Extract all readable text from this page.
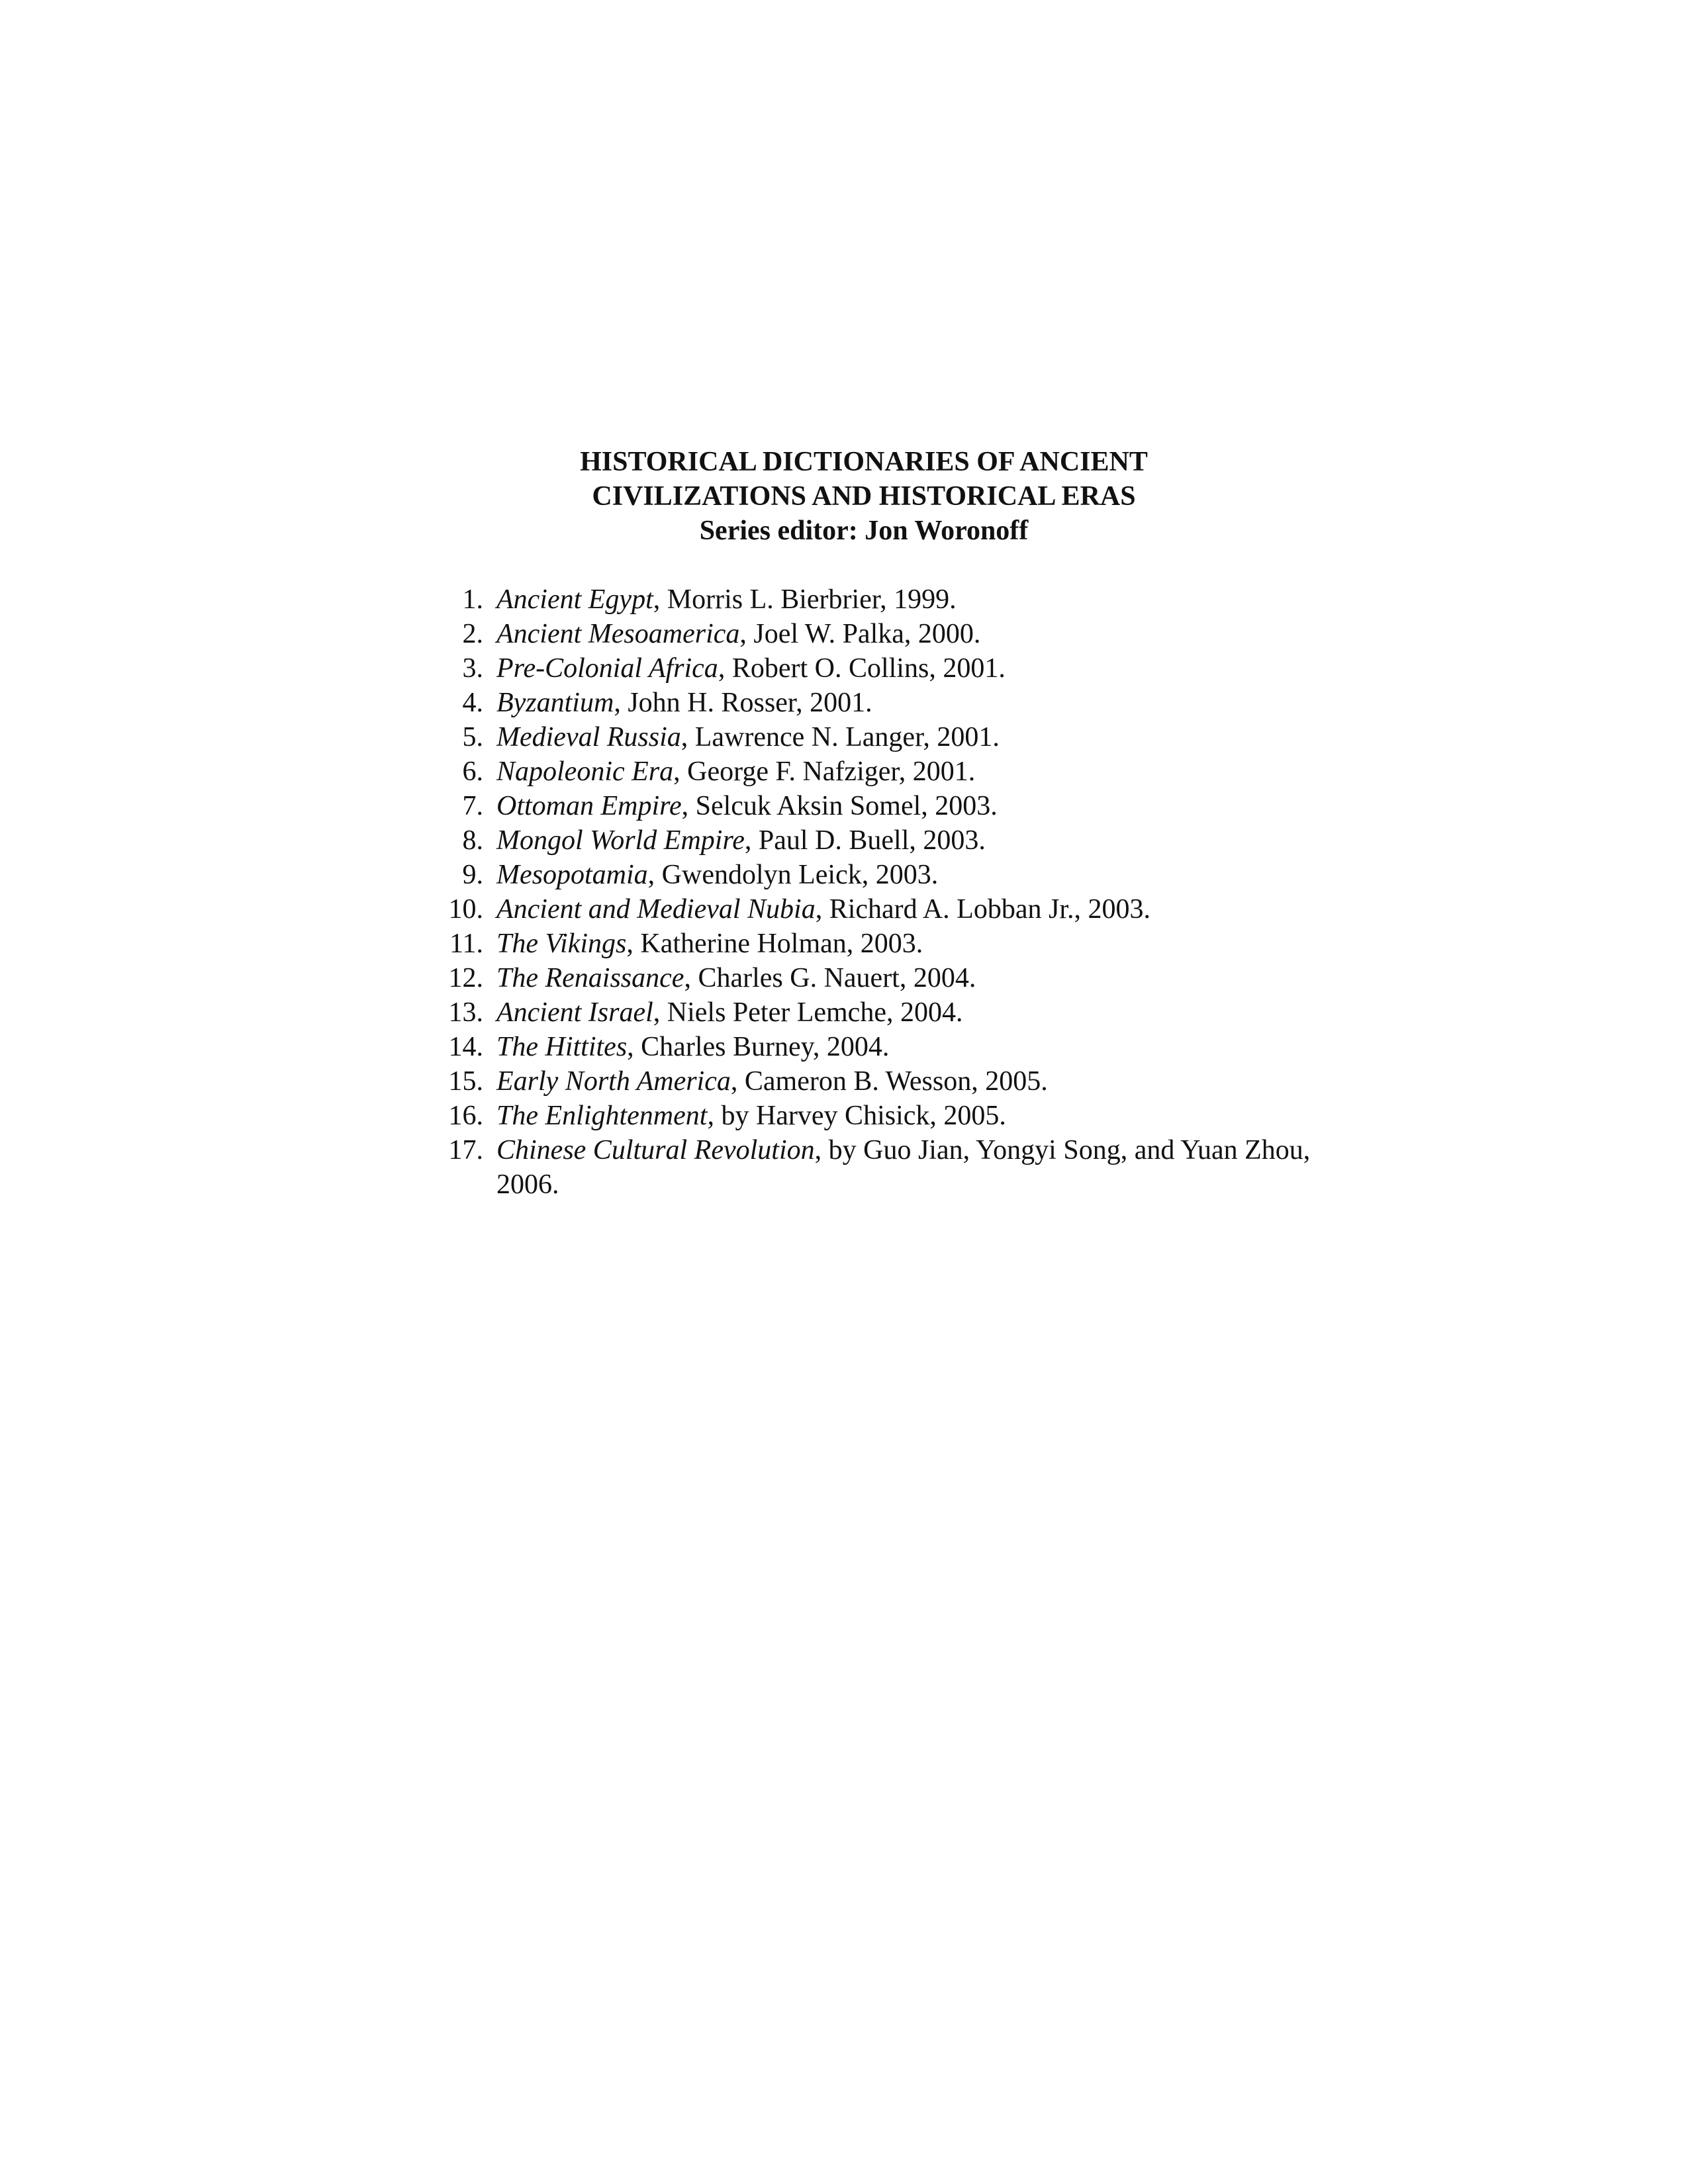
HISTORICAL DICTIONARIES OF ANCIENT
CIVILIZATIONS AND HISTORICAL ERAS
Series editor: Jon Woronoff
1. Ancient Egypt, Morris L. Bierbrier, 1999.
2. Ancient Mesoamerica, Joel W. Palka, 2000.
3. Pre-Colonial Africa, Robert O. Collins, 2001.
4. Byzantium, John H. Rosser, 2001.
5. Medieval Russia, Lawrence N. Langer, 2001.
6. Napoleonic Era, George F. Nafziger, 2001.
7. Ottoman Empire, Selcuk Aksin Somel, 2003.
8. Mongol World Empire, Paul D. Buell, 2003.
9. Mesopotamia, Gwendolyn Leick, 2003.
10. Ancient and Medieval Nubia, Richard A. Lobban Jr., 2003.
11. The Vikings, Katherine Holman, 2003.
12. The Renaissance, Charles G. Nauert, 2004.
13. Ancient Israel, Niels Peter Lemche, 2004.
14. The Hittites, Charles Burney, 2004.
15. Early North America, Cameron B. Wesson, 2005.
16. The Enlightenment, by Harvey Chisick, 2005.
17. Chinese Cultural Revolution, by Guo Jian, Yongyi Song, and Yuan Zhou, 2006.
